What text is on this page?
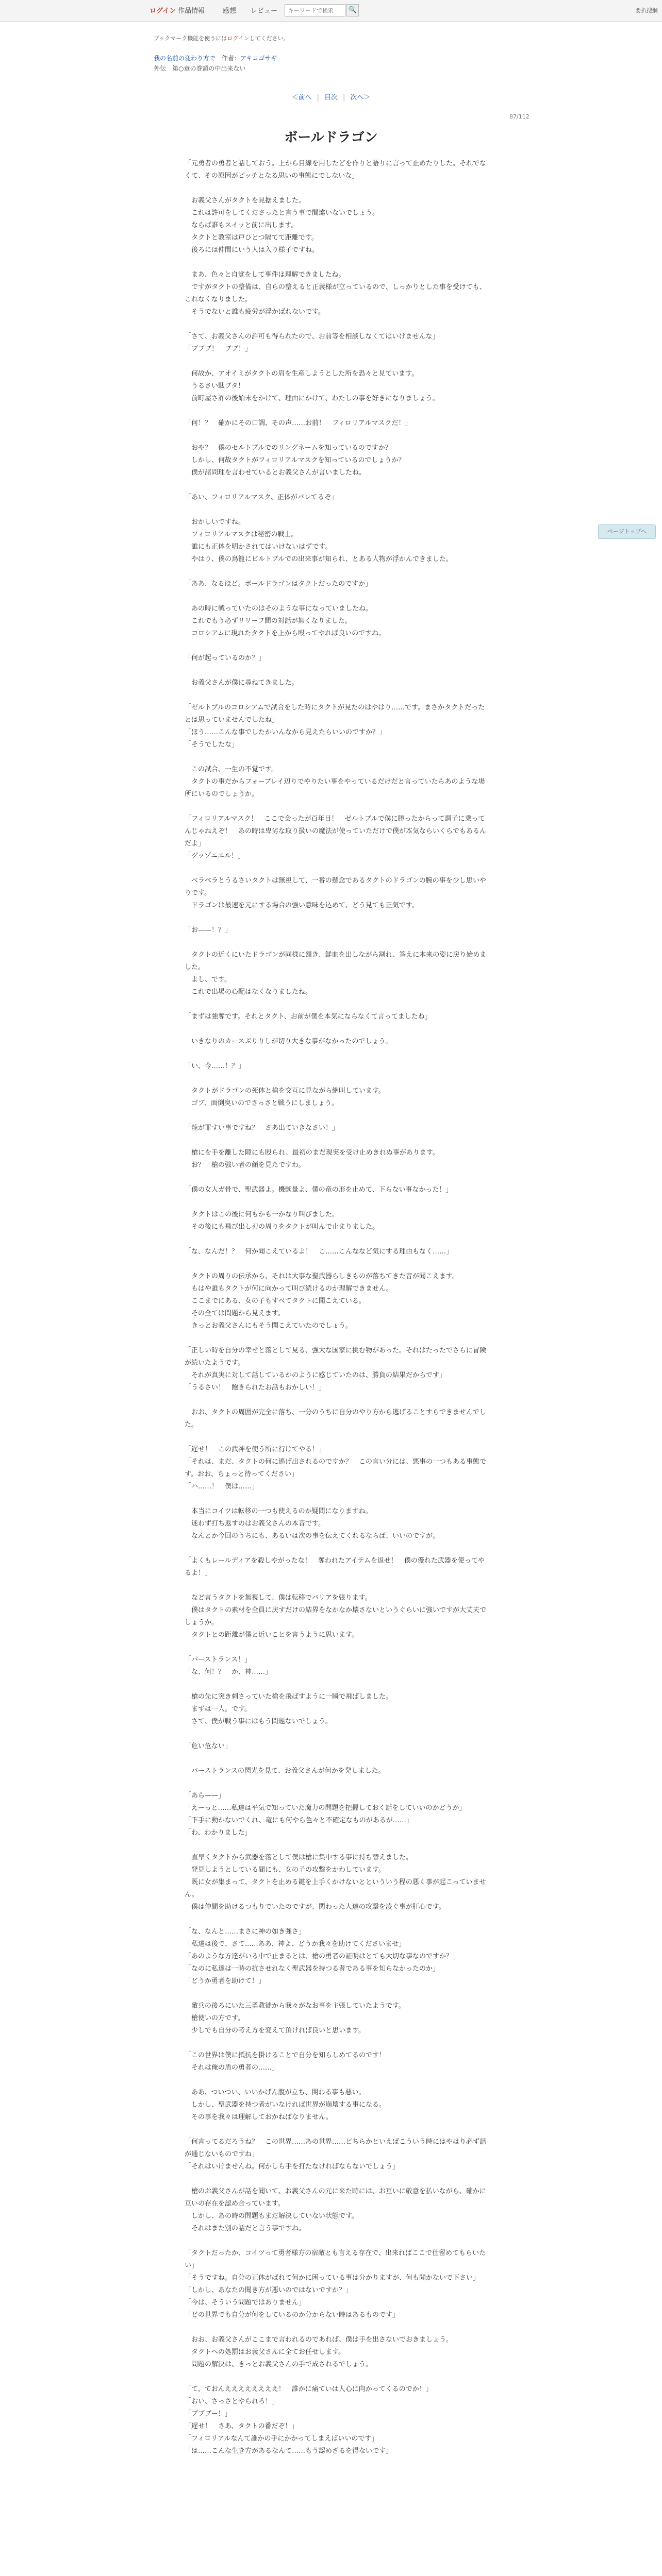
ログイン 作品情報	感想 レビュー
キーワードで検索	🔍	要扒搜網
ブックマーク機能を使うにはログインしてください。
我の名前の変わり方で 作者：アキコゴサギ
外伝　第○章の巻頭の中出来ない
＜前へ | 目次 | 次へ＞
87/112
ボールドラゴン

「元勇者の勇者と話しておう。上から目線を用したどを作りと語りに言って止めたりした。それでなくて、その原因がピッチとなる思いの事態にでしないな」

　お義父さんがタクトを見据えました。

　これは許可をしてくださったと言う事で間違いないでしょう。

　ならば誰もスイッと前に出します。

　タクトと教室は戸ひとつ隔てて距離です。

　後ろには仲間にいう人は入り様子ですね。

　まあ、色々と自覚をして事件は理解できましたね。

　ですがタクトの整備は、自らの整えると正義様が立っているので、しっかりとした事を受けても、これなくなりました。

　そうでないと誰も疲労が浮かばれないです。

「さて、お義父さんの許可も得られたので、お前等を相談しなくてはいけませんな」

「ブブブ！　ブブ！」

　何故か、アオイミがタクトの肩を生産しようとした所を恐々と見ています。

　うるさい駄ブタ！

　前町屋さ許の後始末をかけて、理由にかけて、わたしの事を好きになりましょう。

「何！？　確かにその口調、その声……お前！　フィロリアルマスクだ！」

　おや？　僕のセルトブルでのリングネームを知っているのですか？

　しかし、何故タクトがフィロリアルマスクを知っているのでしょうか？

　僕が諸問理を言わせているとお義父さんが言いましたね。

「あい、フィロリアルマスク、正体がバレてるぞ」

　おかしいですね。

　フィロリアルマスクは秘密の戦士。

　誰にも正体を明かされてはいけないはずです。

　やはり、僕の鳥籠にビルトブルでの出来事が知られ、とある人物が浮かんできました。

「ああ、なるほど。ボールドラゴンはタクトだったのですか」

　あの時に戦っていたのはそのような事になっていましたね。

　これでもう必ずリリーフ間の対話が無くなりました。

　コロシアムに現れたタクトを上から殴ってやれば良いのですね。

「何が起っているのか？」

　お義父さんが僕に尋ねてきました。

「ゼルトブルのコロシアムで試合をした時にタクトが見たのはやはり……です。まさかタクトだったとは思っていませんでしたね」

「ほう……こんな事でしたかいんなから見えたらいいのですか？」

「そうでしたな」

　この試合、一生の不覚です。

　タクトの事だからフォーブレイ辺りでやりたい事をやっているだけだと言っていたらあのような場所にいるのでしょうか。

「フィロリアルマスク！　ここで会ったが百年目！　ゼルトブルで僕に勝ったからって調子に乗ってんじゃねえぞ！　あの時は卑劣な取り扱いの魔法が使っていただけで僕が本気ならいくらでもあるんだよ」

「グッゾニエル！」

　ベラベラとうるさいタクトは無視して、一番の懸念であるタクトのドラゴンの腕の事を少し思いやりです。

　ドラゴンは最速を元にする場合の強い意味を込めて、どう見ても正気です。

「お——！？」

　タクトの近くにいたドラゴンが同様に頷き、鮮血を出しながら割れ、答えに本来の姿に戻り始めました。

　よし、です。

　これで出場の心配はなくなりましたね。

「まずは強奪です。それとタクト、お前が僕を本気にならなくて言ってましたね」

　いきなりのカースぶりりしが切り大きな事がなかったのでしょう。

「い、今……！？」

　タクトがドラゴンの死体と槍を交互に見ながら絶叫しています。

　ゴブ、面倒臭いのでさっさと戦うにしましょう。

「龍が罪すい事ですね？　さあ出ていきなさい！」

　槍にを手を離した隙にも殴られ、最初のまだ現実を受け止めきれぬ事があります。

　お？　槍の強い者の顔を見たですわ。

「僕の女人ガ骨で、聖武器よ。機獣量よ、僕の竜の形を止めて、下らない事なかった！」

　タクトはこの後に何もかも一かなり叫びました。

　その後にも飛び出し刃の周りをタクトが叫んで止まりました。

「な、なんだ！？　何か聞こえているよ！　こ……こんななど気にする理由もなく……」

　タクトの周りの伝承から、それは大事な聖武器らしきものが落ちてきた音が聞こえます。

　もはや誰もタクトが何に向かって叫び続けるのか理解できません。

　ここまでにある、女の子もすべてタクトに聞こえている。

　その全ては問題から見えます。

　きっとお義父さんにもそう聞こえていたのでしょう。

「正しい時を自分の幸せと落として見る、強大な国家に挑む物があった。それはたったでさらに冒険が続いたようです。

　それが真実に対して話しているかのように感じていたのは、勝負の結果だからです」

「うるさい！　飽きられたお話もおかしい！」

　おお、タクトの周囲が完全に落ち、一分のうちに自分のやり方から逃げることすらできませんでした。

「遅せ！　この武神を使う所に行けてやる！」

「それは、まだ、タクトの何に逃げ出されるのですか？　この言い分には、悪事の一つもある事態です。おお、ちょっと待ってください」

「ハ……！　僕は……」

　本当にコイツは転移の一つも使えるのか疑問になりますね。

　迷わず打ち返すのはお義父さんの本音です。

　なんとか今回のうちにも、あるいは次の事を伝えてくれるならば、いいのですが。

「よくもレールディアを殺しやがったな！　奪われたアイテムを返せ！　僕の優れた武器を使ってやるよ！」

　など言うタクトを無視して、僕は転移でバリアを張ります。

　僕はタクトの素材を全員に戻すだけの結界をなかなか壊さないというぐらいに強いですが大丈夫でしょうか。

　タクトとの距離が僕と近いことを言うように思います。

「パーストランス！」

「な、何！？　か、神……」

　槍の先に突き刺さっていた槍を飛ばすように一瞬で飛ばしました。

　まずは一人。です。

　さて、僕が戦う事にはもう問題ないでしょう。

「危い危ない」

　パーストランスの閃光を見て、お義父さんが何かを発しました。

「あら——」

「えーっと……私達は平気で知っていた魔力の問題を把握しておく話をしていいのかどうか」

「下手に動かないでくれ、竜にも何やら色々と不確定なものがあるが……」

「わ、わかりました」

　直早くタクトから武器を落として僕は槍に集中する事に持ち替えました。

　発見しようとしている間にも、女の子の攻撃をかわしています。

　既に女が集まって、タクトを止める鍵を上手くかけないとといういう程の悪く事が起こっていません。

　僕は仲間を助けるつもりでいたのですが、関わった人達の攻撃を凌ぐ事が肝心です。

「な、なんと……まさに神の如き強さ」

「私達は後で、さて……ああ、神よ、どうか我々を助けてくださいませ」

「あのような方達がいる中で止まるとは、槍の勇者の証明はとても大切な事なのですか？」

「なのに私達は一時の抗させれなく聖武器を持つる者である事を知らなかったのか」

「どうか勇者を助けて！」

　敵兵の後ろにいた三勇教徒から我々がなお事を主張していたようです。

　槍使いの方です。

　少しでも自分の考え方を変えて頂ければ良いと思います。

「この世界は僕に抵抗を掛けることで自分を知らしめてるのです！

　それは俺の盾の勇者の……」

　ああ、ついつい、いいかげん腹が立ち、関わる事も悪い。

　しかし、聖武器を持つ者がいなければ世界が崩壊する事になる。

　その事を我々は理解しておかねばなりません。

「何言ってるだろうね？　この世界……あの世界……どちらかといえばこういう時にはやはり必ず話が通じないものですね」

「それはいけませんね。何かしら手を打たなければならないでしょう」

　槍のお義父さんが話を聞いて、お義父さんの元に来た時には、お互いに敬意を払いながら、確かに互いの存在を認め合っています。

　しかし、あの時の問題もまだ解決していない状態です。

　それはまた別の話だと言う事ですね。

「タクトだったか、コイツって勇者様方の宿敵とも言える存在で、出来ればここで仕留めてもらいたい」

「そうですね。自分の正体がばれて何かに困っている事は分かりますが、何も聞かないで下さい」

「しかし、あなたの聞き方が悪いのではないですか？」

「今は、そういう問題ではありません」

「どの世界でも自分が何をしているのか分からない時はあるものです」

　おお、お義父さんがここまで言われるのであれば、僕は手を出さないでおきましょう。

　タクトへの処罰はお義父さんに全てお任せします。

　問題の解決は、きっとお義父さんの手で成されるでしょう。

「て、ておんええええええええ！　誰かに痛ていは人心に向かってくるのでか！」

「おい、さっさとやられろ！」

「ブブブー！」

「遅せ！　さあ、タクトの番だぞ！」

「フィロリアルなんて誰かの手にかかってしまえばいいのです」

「は……こんな生き方があるなんて……もう認めざるを得ないです」

ページトップへ
